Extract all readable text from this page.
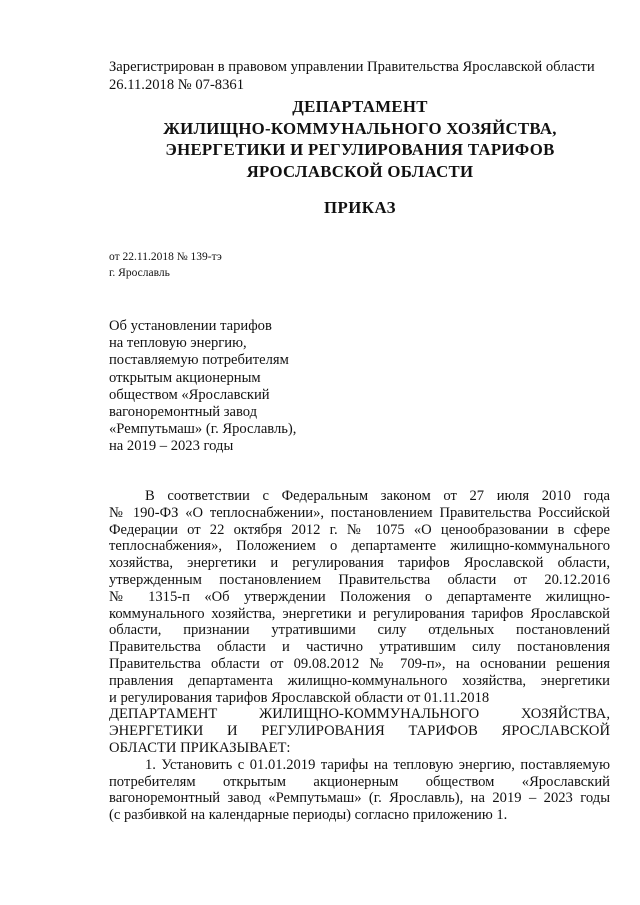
Зарегистрирован в правовом управлении Правительства Ярославской области
26.11.2018 № 07-8361
ДЕПАРТАМЕНТ
ЖИЛИЩНО-КОММУНАЛЬНОГО ХОЗЯЙСТВА,
ЭНЕРГЕТИКИ И РЕГУЛИРОВАНИЯ ТАРИФОВ
ЯРОСЛАВСКОЙ ОБЛАСТИ
ПРИКАЗ
от 22.11.2018 № 139-тэ
г. Ярославль
Об установлении тарифов
на тепловую энергию,
поставляемую потребителям
открытым акционерным
обществом «Ярославский
вагоноремонтный завод
«Ремпутьмаш» (г. Ярославль),
на 2019 – 2023 годы
В соответствии с Федеральным законом от 27 июля 2010 года
№ 190-ФЗ «О теплоснабжении», постановлением Правительства Российской
Федерации от 22 октября 2012 г. № 1075 «О ценообразовании в сфере
теплоснабжения», Положением о департаменте жилищно-коммунального
хозяйства, энергетики и регулирования тарифов Ярославской области,
утвержденным постановлением Правительства области от 20.12.2016
№ 1315-п «Об утверждении Положения о департаменте жилищно-
коммунального хозяйства, энергетики и регулирования тарифов Ярославской
области, признании утратившими силу отдельных постановлений
Правительства области и частично утратившим силу постановления
Правительства области от 09.08.2012 № 709-п», на основании решения
правления департамента жилищно-коммунального хозяйства, энергетики
и регулирования тарифов Ярославской области от 01.11.2018
ДЕПАРТАМЕНТ ЖИЛИЩНО-КОММУНАЛЬНОГО ХОЗЯЙСТВА,
ЭНЕРГЕТИКИ И РЕГУЛИРОВАНИЯ ТАРИФОВ ЯРОСЛАВСКОЙ
ОБЛАСТИ ПРИКАЗЫВАЕТ:
1. Установить с 01.01.2019 тарифы на тепловую энергию, поставляемую
потребителям открытым акционерным обществом «Ярославский
вагоноремонтный завод «Ремпутьмаш» (г. Ярославль), на 2019 – 2023 годы
(с разбивкой на календарные периоды) согласно приложению 1.
